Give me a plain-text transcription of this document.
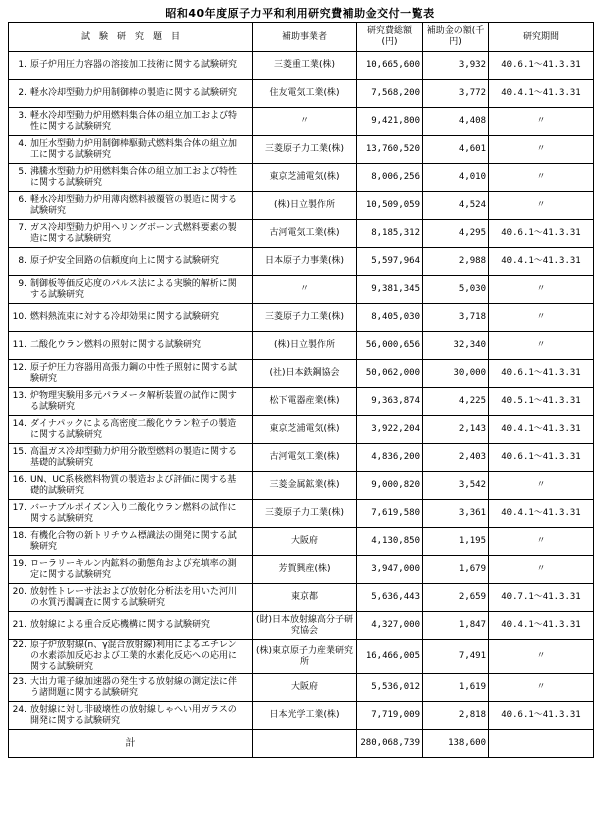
昭和40年度原子力平和利用研究費補助金交付一覧表
試　験　研　究　題　目	補助事業者	研究費総額(円)	補助金の額(千円)	研究期間
1. 原子炉用圧力容器の溶接加工技術に関する試験研究	三菱重工業(株)	10,665,600	3,932	40.6.1～41.3.31
2. 軽水冷却型動力炉用制御棒の製造に関する試験研究	住友電気工業(株)	7,568,200	3,772	40.4.1～41.3.31
3. 軽水冷却型動力炉用燃料集合体の組立加工および特性に関する試験研究	〃	9,421,800	4,408	〃
4. 加圧水型動力炉用制御棒駆動式燃料集合体の組立加工に関する試験研究	三菱原子力工業(株)	13,760,520	4,601	〃
5. 沸騰水型動力炉用燃料集合体の組立加工および特性に関する試験研究	東京芝浦電気(株)	8,006,256	4,010	〃
6. 軽水冷却型動力炉用薄肉燃料被覆管の製造に関する試験研究	(株)日立製作所	10,509,059	4,524	〃
7. ガス冷却型動力炉用ヘリングボーン式燃料要素の製造に関する試験研究	古河電気工業(株)	8,185,312	4,295	40.6.1～41.3.31
8. 原子炉安全回路の信頼度向上に関する試験研究	日本原子力事業(株)	5,597,964	2,988	40.4.1～41.3.31
9. 制御板等価反応度のパルス法による実験的解析に関する試験研究	〃	9,381,345	5,030	〃
10. 燃料熱流束に対する冷却効果に関する試験研究	三菱原子力工業(株)	8,405,030	3,718	〃
11. 二酸化ウラン燃料の照射に関する試験研究	(株)日立製作所	56,000,656	32,340	〃
12. 原子炉圧力容器用高張力鋼の中性子照射に関する試験研究	(社)日本鉄鋼協会	50,062,000	30,000	40.6.1～41.3.31
13. 炉物理実験用多元パラメータ解析装置の試作に関する試験研究	松下電器産業(株)	9,363,874	4,225	40.5.1～41.3.31
14. ダイナパックによる高密度二酸化ウラン粒子の製造に関する試験研究	東京芝浦電気(株)	3,922,204	2,143	40.4.1～41.3.31
15. 高温ガス冷却型動力炉用分散型燃料の製造に関する基礎的試験研究	古河電気工業(株)	4,836,200	2,403	40.6.1～41.3.31
16. UN、UC系核燃料物質の製造および評価に関する基礎的試験研究	三菱金属鉱業(株)	9,000,820	3,542	〃
17. バーナブルポイズン入り二酸化ウラン燃料の試作に関する試験研究	三菱原子力工業(株)	7,619,580	3,361	40.4.1～41.3.31
18. 有機化合物の新トリチウム標識法の開発に関する試験研究	大阪府	4,130,850	1,195	〃
19. ローラリーキルン内鉱料の動態角および充填率の測定に関する試験研究	芳賀興産(株)	3,947,000	1,679	〃
20. 放射性トレーサ法および放射化分析法を用いた河川の水質汚濁調査に関する試験研究	東京都	5,636,443	2,659	40.7.1～41.3.31
21. 放射線による重合反応機構に関する試験研究	(財)日本放射線高分子研究協会	4,327,000	1,847	40.4.1～41.3.31
22. 原子炉放射線(n、γ混合放射線)利用によるエチレンの水素添加反応および工業的水素化反応への応用に関する試験研究	(株)東京原子力産業研究所	16,466,005	7,491	〃
23. 大出力電子線加速器の発生する放射線の測定法に伴う諸問題に関する試験研究	大阪府	5,536,012	1,619	〃
24. 放射線に対し非破壊性の放射線しゃへい用ガラスの開発に関する試験研究	日本光学工業(株)	7,719,009	2,818	40.6.1～41.3.31
計		280,068,739	138,600	
